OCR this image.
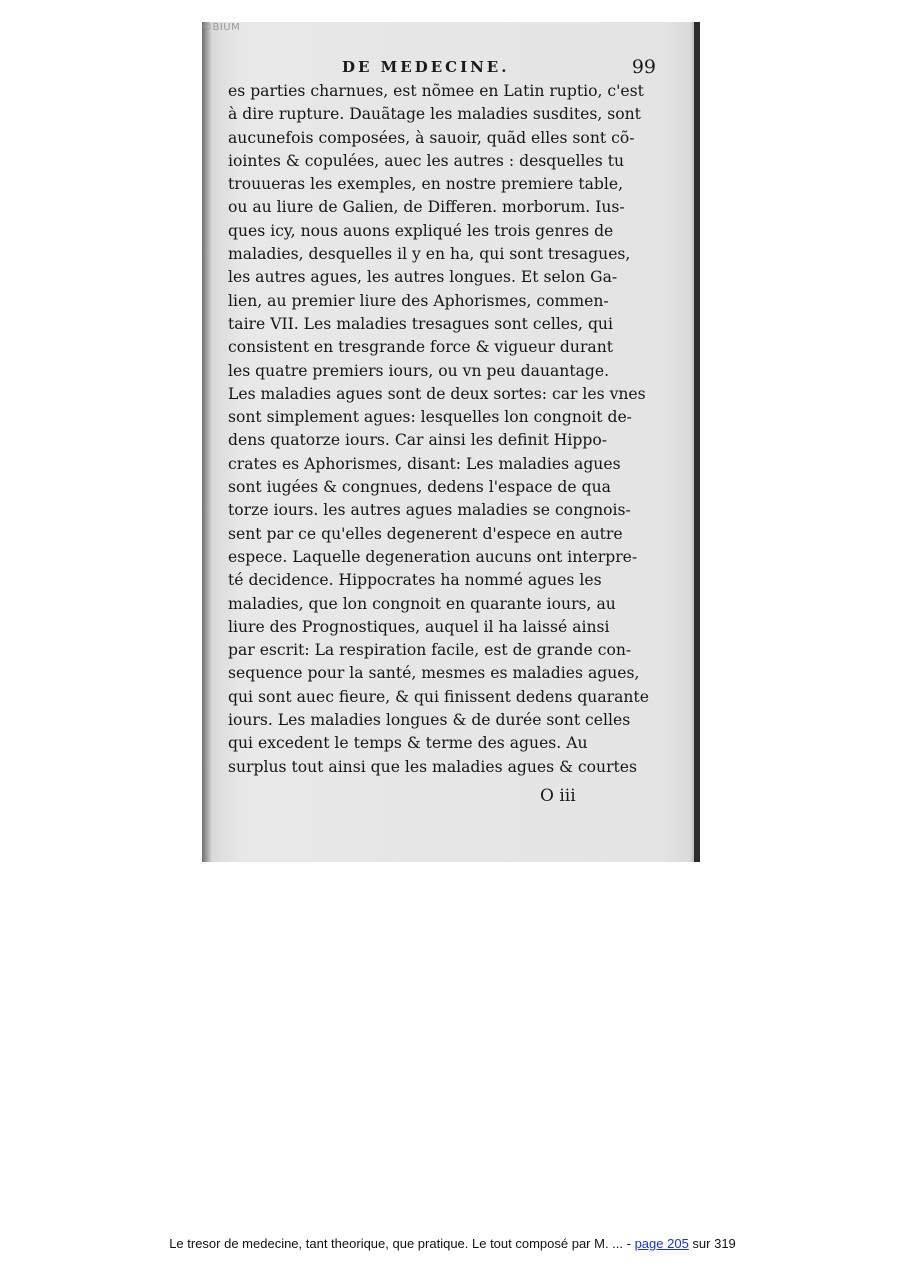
©BIUM
DE MEDECINE.	99
es parties charnues, est nõmee en Latin ruptio, c'est
à dire rupture. Dauãtage les maladies susdites, sont
aucunefois composées, à sauoir, quãd elles sont cõ-
iointes & copulées, auec les autres : desquelles tu
trouueras les exemples, en nostre premiere table,
ou au liure de Galien, de Differen. morborum. Ius-
ques icy, nous auons expliqué les trois genres de
maladies, desquelles il y en ha, qui sont tresagues,
les autres agues, les autres longues. Et selon Ga-
lien, au premier liure des Aphorismes, commen-
taire VII. Les maladies tresagues sont celles, qui
consistent en tresgrande force & vigueur durant
les quatre premiers iours, ou vn peu dauantage.
Les maladies agues sont de deux sortes: car les vnes
sont simplement agues: lesquelles lon congnoit de-
dens quatorze iours. Car ainsi les definit Hippo-
crates es Aphorismes, disant: Les maladies agues
sont iugées & congnues, dedens l'espace de qua
torze iours. les autres agues maladies se congnois-
sent par ce qu'elles degenerent d'espece en autre
espece. Laquelle degeneration aucuns ont interpre-
té decidence. Hippocrates ha nommé agues les
maladies, que lon congnoit en quarante iours, au
liure des Prognostiques, auquel il ha laissé ainsi
par escrit: La respiration facile, est de grande con-
sequence pour la santé, mesmes es maladies agues,
qui sont auec fieure, & qui finissent dedens quarante
iours. Les maladies longues & de durée sont celles
qui excedent le temps & terme des agues. Au
surplus tout ainsi que les maladies agues & courtes
O iii
Le tresor de medecine, tant theorique, que pratique. Le tout composé par M. ... - page 205 sur 319
